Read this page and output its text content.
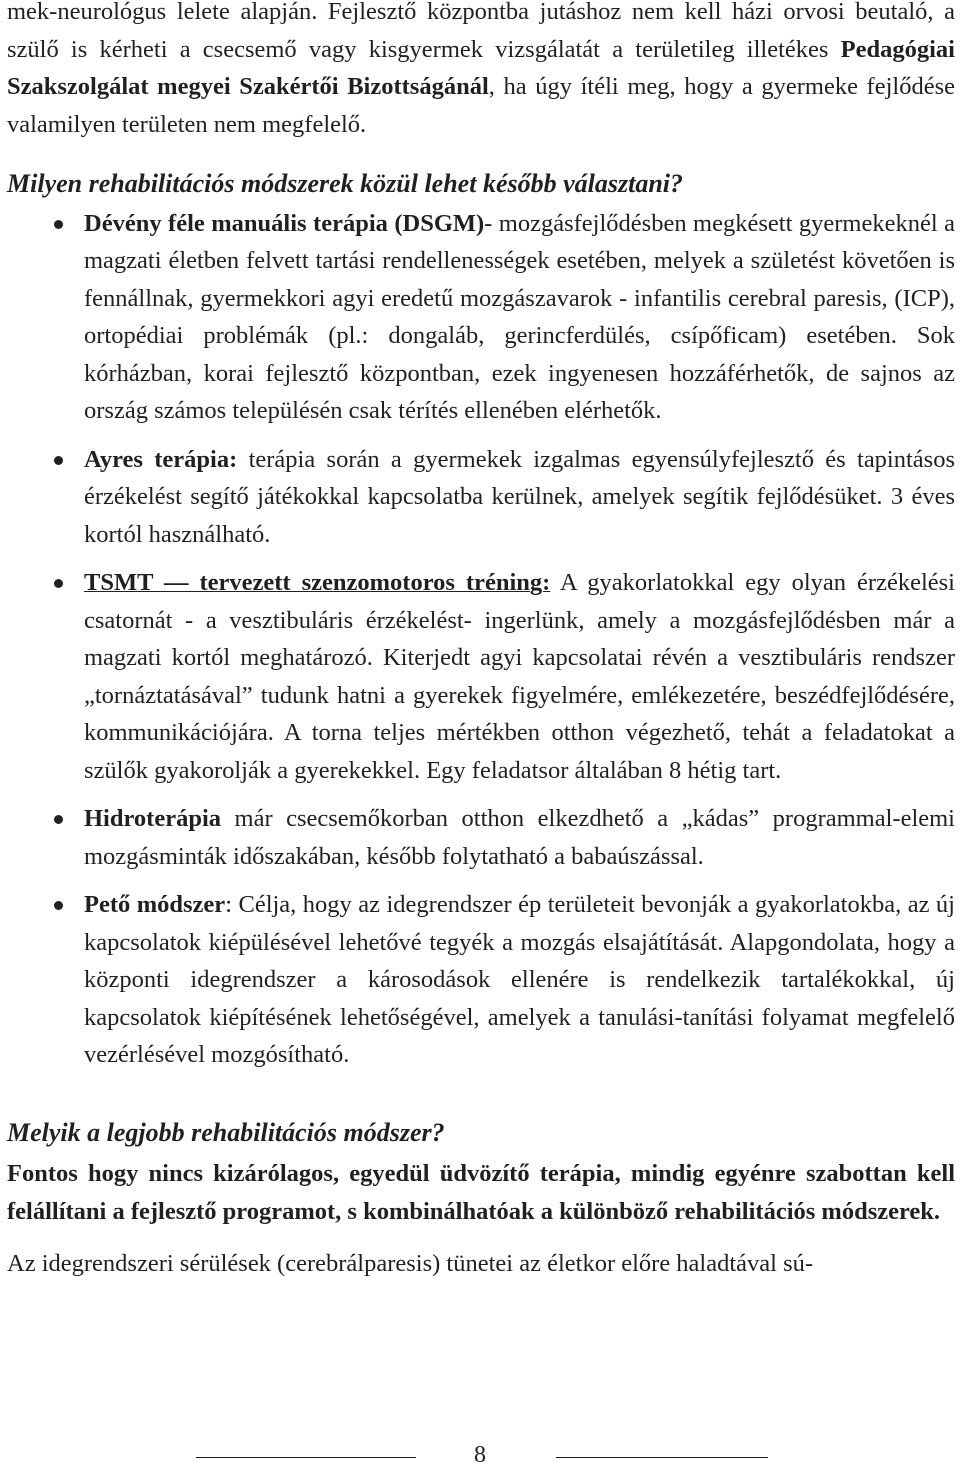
mek-neurológus lelete alapján. Fejlesztő központba jutáshoz nem kell házi orvosi beutaló, a szülő is kérheti a csecsemő vagy kisgyermek vizsgálatát a területileg illetékes Pedagógiai Szakszolgálat megyei Szakértői Bizottságánál, ha úgy ítéli meg, hogy a gyermeke fejlődése valamilyen területen nem megfelelő.

Milyen rehabilitációs módszerek közül lehet később választani?
Dévény féle manuális terápia (DSGM)- mozgásfejlődésben megkésett gyermekeknél a magzati életben felvett tartási rendellenességek esetében, melyek a születést követően is fennállnak, gyermekkori agyi eredetű mozgászavarok - infantilis cerebral paresis, (ICP), ortopédiai problémák (pl.: dongaláb, gerincferdülés, csípőficam) esetében. Sok kórházban, korai fejlesztő központban, ezek ingyenesen hozzáférhetők, de sajnos az ország számos településén csak térítés ellenében elérhetők.
Ayres terápia: terápia során a gyermekek izgalmas egyensúlyfejlesztő és tapintásos érzékelést segítő játékokkal kapcsolatba kerülnek, amelyek segítik fejlődésüket. 3 éves kortól használható.
TSMT — tervezett szenzomotoros tréning: A gyakorlatokkal egy olyan érzékelési csatornát - a vesztibuláris érzékelést- ingerlünk, amely a mozgásfejlődésben már a magzati kortól meghatározó. Kiterjedt agyi kapcsolatai révén a vesztibuláris rendszer „tornáztatásával” tudunk hatni a gyerekek figyelmére, emlékezetére, beszédfejlődésére, kommunikációjára. A torna teljes mértékben otthon végezhető, tehát a feladatokat a szülők gyakorolják a gyerekekkel. Egy feladatsor általában 8 hétig tart.
Hidroterápia már csecsemőkorban otthon elkezdhető a „kádas” programmal-elemi mozgásminták időszakában, később folytatható a babaúszással.
Pető módszer: Célja, hogy az idegrendszer ép területeit bevonják a gyakorlatokba, az új kapcsolatok kiépülésével lehetővé tegyék a mozgás elsajátítását. Alapgondolata, hogy a központi idegrendszer a károsodások ellenére is rendelkezik tartalékokkal, új kapcsolatok kiépítésének lehetőségével, amelyek a tanulási-tanítási folyamat megfelelő vezérlésével mozgósítható.
Melyik a legjobb rehabilitációs módszer?

Fontos hogy nincs kizárólagos, egyedül üdvözítő terápia, mindig egyénre szabottan kell felállítani a fejlesztő programot, s kombinálhatóak a különböző rehabilitációs módszerek.

Az idegrendszeri sérülések (cerebrálparesis) tünetei az életkor előre haladtával sú-

8
